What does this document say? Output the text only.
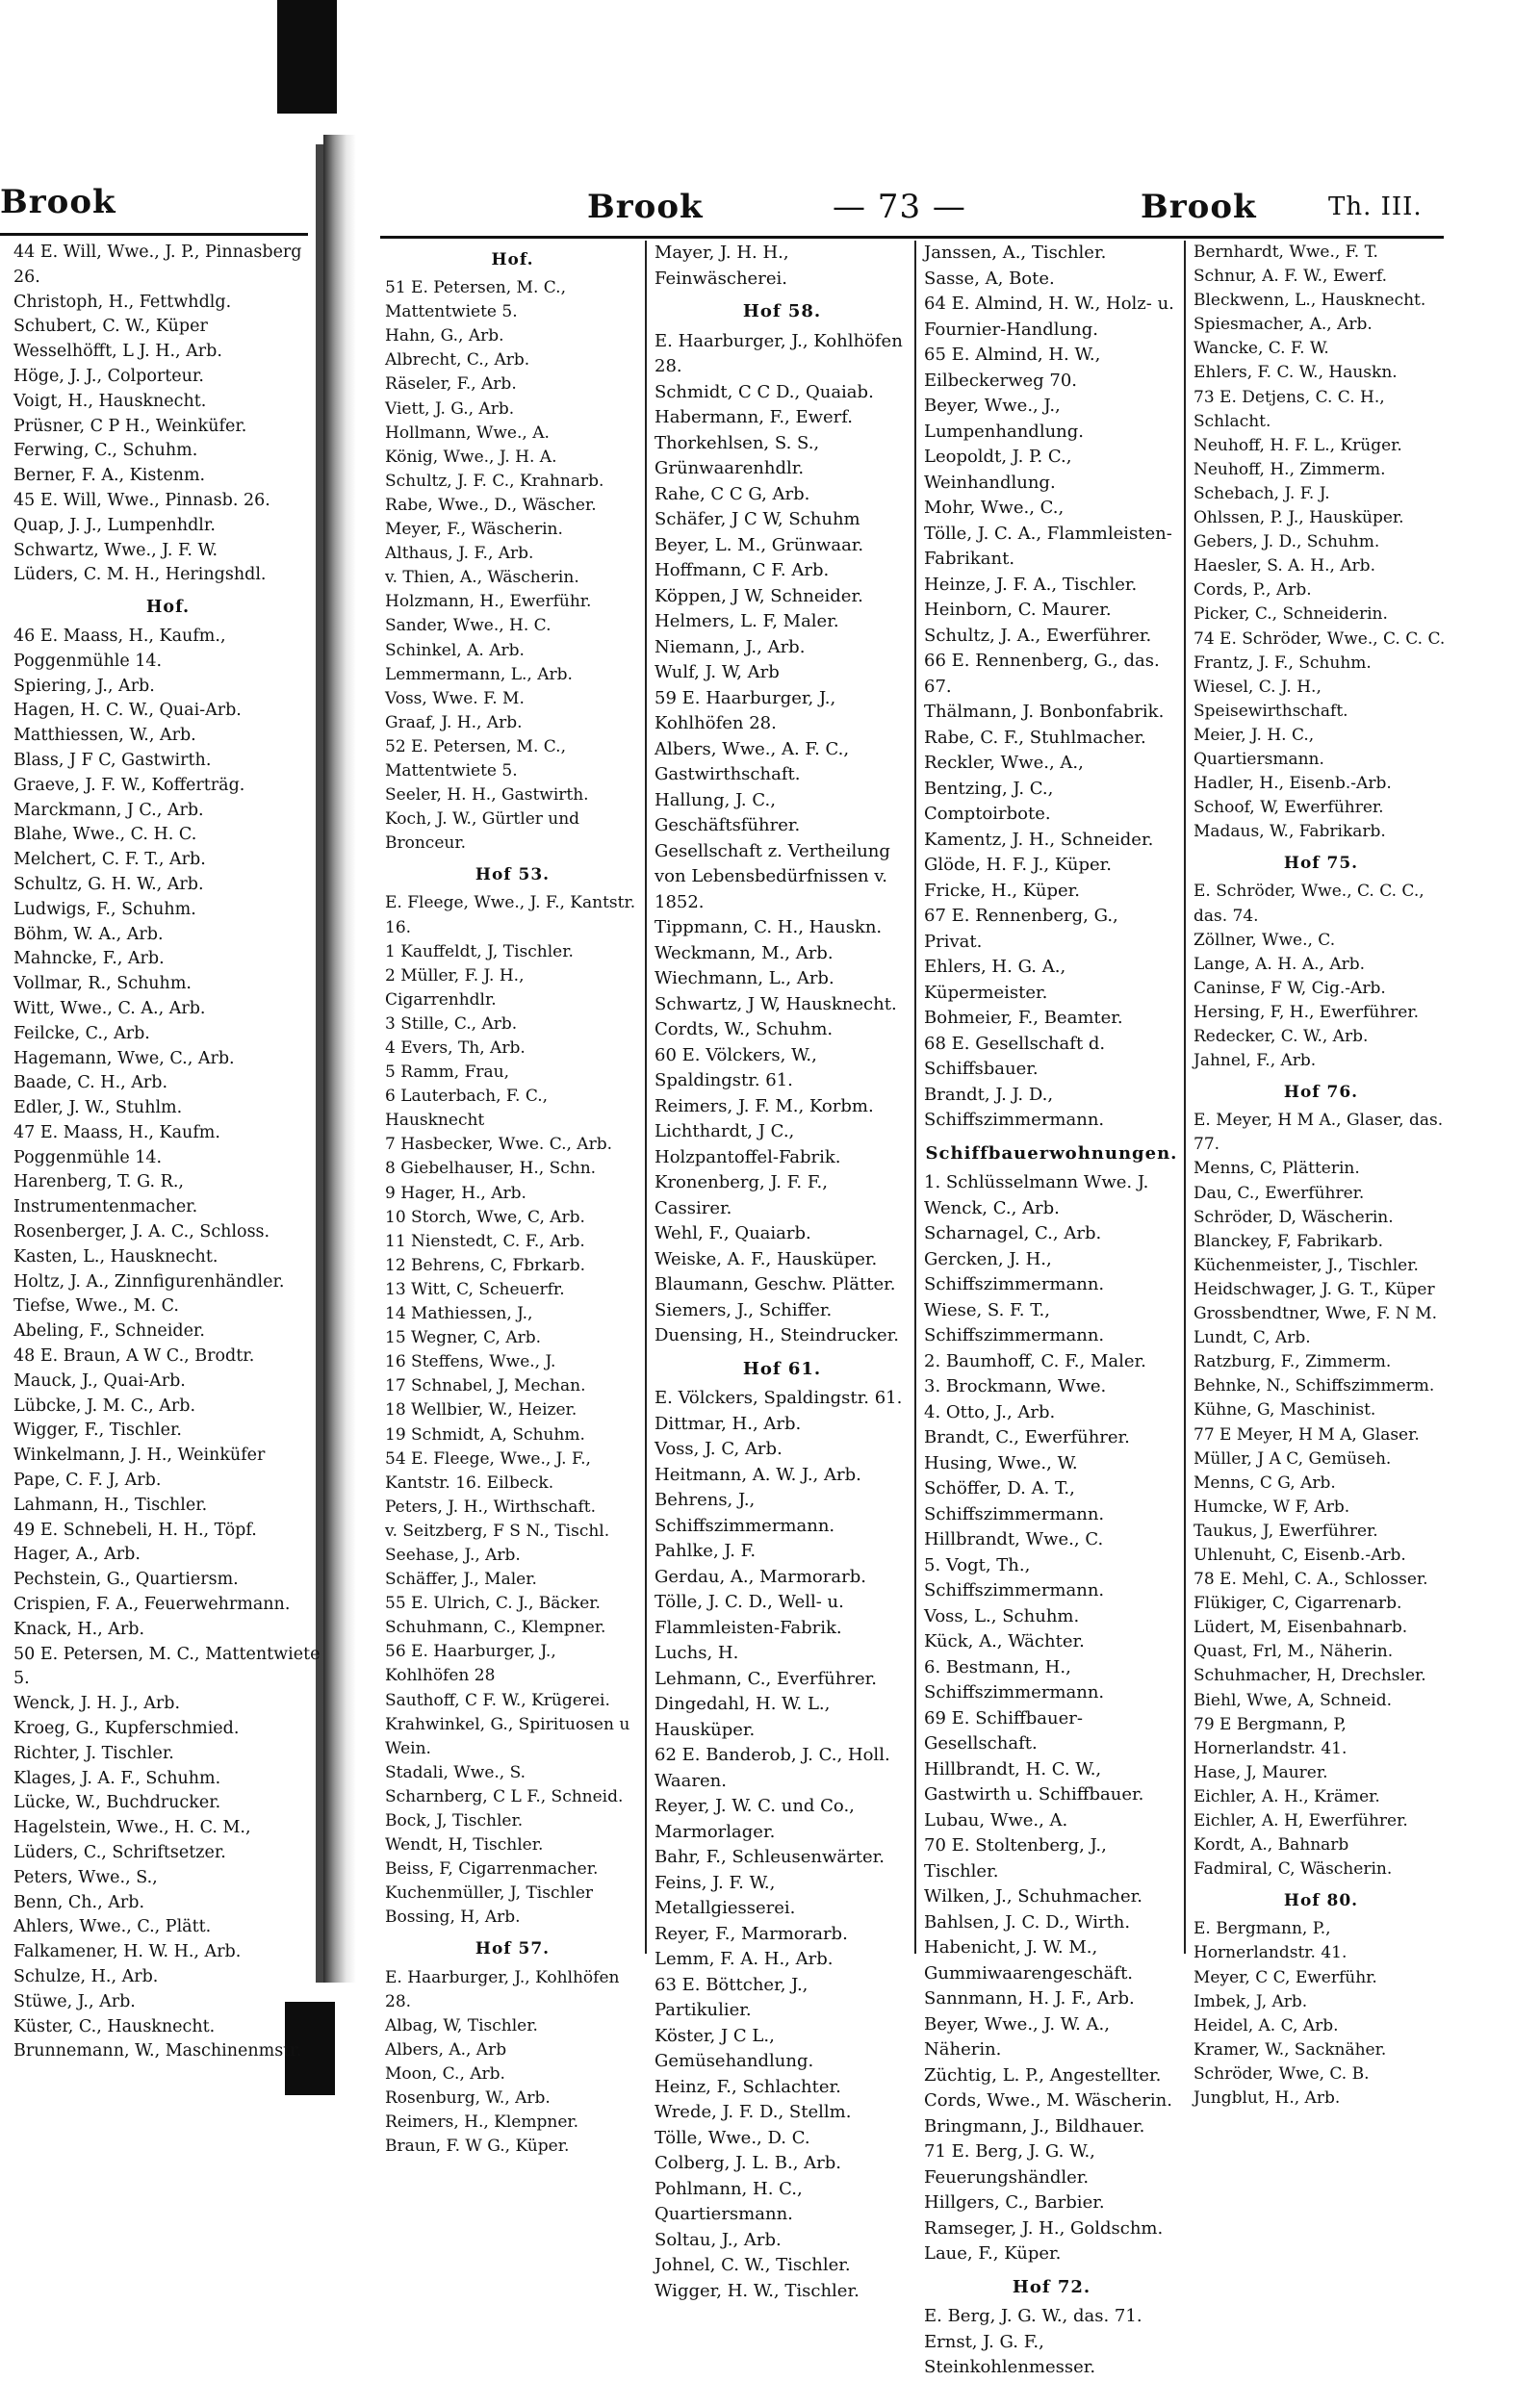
Brook
44 E. Will, Wwe., J. P., Pinnasberg 26.
Christoph, H., Fettwhdlg.
Schubert, C. W., Küper
Wesselhöfft, L J. H., Arb.
Höge, J. J., Colporteur.
Voigt, H., Hausknecht.
Prüsner, C P H., Weinküfer.
Ferwing, C., Schuhm.
Berner, F. A., Kistenm.
45 E. Will, Wwe., Pinnasb. 26.
Quap, J. J., Lumpenhdlr.
Schwartz, Wwe., J. F. W.
Lüders, C. M. H., Heringshdl.
Hof.
46 E. Maass, H., Kaufm., Poggenmühle 14.
Spiering, J., Arb.
Hagen, H. C. W., Quai-Arb.
Matthiessen, W., Arb.
Blass, J F C, Gastwirth.
Graeve, J. F. W., Kofferträg.
Marckmann, J C., Arb.
Blahe, Wwe., C. H. C.
Melchert, C. F. T., Arb.
Schultz, G. H. W., Arb.
Ludwigs, F., Schuhm.
Böhm, W. A., Arb.
Mahncke, F., Arb.
Vollmar, R., Schuhm.
Witt, Wwe., C. A., Arb.
Feilcke, C., Arb.
Hagemann, Wwe, C., Arb.
Baade, C. H., Arb.
Edler, J. W., Stuhlm.
47 E. Maass, H., Kaufm. Poggenmühle 14.
Harenberg, T. G. R., Instrumentenmacher.
Rosenberger, J. A. C., Schloss.
Kasten, L., Hausknecht.
Holtz, J. A., Zinnfigurenhändler.
Tiefse, Wwe., M. C.
Abeling, F., Schneider.
48 E. Braun, A W C., Brodtr.
Mauck, J., Quai-Arb.
Lübcke, J. M. C., Arb.
Wigger, F., Tischler.
Winkelmann, J. H., Weinküfer
Pape, C. F. J, Arb.
Lahmann, H., Tischler.
49 E. Schnebeli, H. H., Töpf.
Hager, A., Arb.
Pechstein, G., Quartiersm.
Crispien, F. A., Feuerwehrmann.
Knack, H., Arb.
50 E. Petersen, M. C., Mattentwiete 5.
Wenck, J. H. J., Arb.
Kroeg, G., Kupferschmied.
Richter, J. Tischler.
Klages, J. A. F., Schuhm.
Lücke, W., Buchdrucker.
Hagelstein, Wwe., H. C. M.,
Lüders, C., Schriftsetzer.
Peters, Wwe., S.,
Benn, Ch., Arb.
Ahlers, Wwe., C., Plätt.
Falkamener, H. W. H., Arb.
Schulze, H., Arb.
Stüwe, J., Arb.
Küster, C., Hausknecht.
Brunnemann, W., Maschinenmstr.
Brook	— 73 —	Brook	Th. III.
Hof.
51 E. Petersen, M. C., Mattentwiete 5.
Hahn, G., Arb.
Albrecht, C., Arb.
Räseler, F., Arb.
Viett, J. G., Arb.
Hollmann, Wwe., A.
König, Wwe., J. H. A.
Schultz, J. F. C., Krahnarb.
Rabe, Wwe., D., Wäscher.
Meyer, F., Wäscherin.
Althaus, J. F., Arb.
v. Thien, A., Wäscherin.
Holzmann, H., Ewerführ.
Sander, Wwe., H. C.
Schinkel, A. Arb.
Lemmermann, L., Arb.
Voss, Wwe. F. M.
Graaf, J. H., Arb.
52 E. Petersen, M. C., Mattentwiete 5.
Seeler, H. H., Gastwirth.
Koch, J. W., Gürtler und Bronceur.
Hof 53.
E. Fleege, Wwe., J. F., Kantstr. 16.
1 Kauffeldt, J, Tischler.
2 Müller, F. J. H., Cigarrenhdlr.
3 Stille, C., Arb.
4 Evers, Th, Arb.
5 Ramm, Frau,
6 Lauterbach, F. C., Hausknecht
7 Hasbecker, Wwe. C., Arb.
8 Giebelhauser, H., Schn.
9 Hager, H., Arb.
10 Storch, Wwe, C, Arb.
11 Nienstedt, C. F., Arb.
12 Behrens, C, Fbrkarb.
13 Witt, C, Scheuerfr.
14 Mathiessen, J.,
15 Wegner, C, Arb.
16 Steffens, Wwe., J.
17 Schnabel, J, Mechan.
18 Wellbier, W., Heizer.
19 Schmidt, A, Schuhm.
54 E. Fleege, Wwe., J. F., Kantstr. 16. Eilbeck.
Peters, J. H., Wirthschaft.
v. Seitzberg, F S N., Tischl.
Seehase, J., Arb.
Schäffer, J., Maler.
55 E. Ulrich, C. J., Bäcker.
Schuhmann, C., Klempner.
56 E. Haarburger, J., Kohlhöfen 28
Sauthoff, C F. W., Krügerei.
Krahwinkel, G., Spirituosen u Wein.
Stadali, Wwe., S.
Scharnberg, C L F., Schneid.
Bock, J, Tischler.
Wendt, H, Tischler.
Beiss, F, Cigarrenmacher.
Kuchenmüller, J, Tischler
Bossing, H, Arb.
Hof 57.
E. Haarburger, J., Kohlhöfen 28.
Albag, W, Tischler.
Albers, A., Arb
Moon, C., Arb.
Rosenburg, W., Arb.
Reimers, H., Klempner.
Braun, F. W G., Küper.
Mayer, J. H. H., Feinwäscherei.
Hof 58.
E. Haarburger, J., Kohlhöfen 28.
Schmidt, C C D., Quaiab.
Habermann, F., Ewerf.
Thorkehlsen, S. S., Grünwaarenhdlr.
Rahe, C C G, Arb.
Schäfer, J C W, Schuhm
Beyer, L. M., Grünwaar.
Hoffmann, C F. Arb.
Köppen, J W, Schneider.
Helmers, L. F, Maler.
Niemann, J., Arb.
Wulf, J. W, Arb
59 E. Haarburger, J., Kohlhöfen 28.
Albers, Wwe., A. F. C., Gastwirthschaft.
Hallung, J. C., Geschäftsführer.
Gesellschaft z. Vertheilung von Lebensbedürfnissen v. 1852.
Tippmann, C. H., Hauskn.
Weckmann, M., Arb.
Wiechmann, L., Arb.
Schwartz, J W, Hausknecht.
Cordts, W., Schuhm.
60 E. Völckers, W., Spaldingstr. 61.
Reimers, J. F. M., Korbm.
Lichthardt, J C., Holzpantoffel-Fabrik.
Kronenberg, J. F. F., Cassirer.
Wehl, F., Quaiarb.
Weiske, A. F., Hausküper.
Blaumann, Geschw. Plätter.
Siemers, J., Schiffer.
Duensing, H., Steindrucker.
Hof 61.
E. Völckers, Spaldingstr. 61.
Dittmar, H., Arb.
Voss, J. C, Arb.
Heitmann, A. W. J., Arb.
Behrens, J., Schiffszimmermann.
Pahlke, J. F.
Gerdau, A., Marmorarb.
Tölle, J. C. D., Well- u. Flammleisten-Fabrik.
Luchs, H.
Lehmann, C., Everführer.
Dingedahl, H. W. L., Hausküper.
62 E. Banderob, J. C., Holl. Waaren.
Reyer, J. W. C. und Co., Marmorlager.
Bahr, F., Schleusenwärter.
Feins, J. F. W., Metallgiesserei.
Reyer, F., Marmorarb.
Lemm, F. A. H., Arb.
63 E. Böttcher, J., Partikulier.
Köster, J C L., Gemüsehandlung.
Heinz, F., Schlachter.
Wrede, J. F. D., Stellm.
Tölle, Wwe., D. C.
Colberg, J. L. B., Arb.
Pohlmann, H. C., Quartiersmann.
Soltau, J., Arb.
Johnel, C. W., Tischler.
Wigger, H. W., Tischler.
Janssen, A., Tischler.
Sasse, A, Bote.
64 E. Almind, H. W., Holz- u. Fournier-Handlung.
65 E. Almind, H. W., Eilbeckerweg 70.
Beyer, Wwe., J., Lumpenhandlung.
Leopoldt, J. P. C., Weinhandlung.
Mohr, Wwe., C.,
Tölle, J. C. A., Flammleisten-Fabrikant.
Heinze, J. F. A., Tischler.
Heinborn, C. Maurer.
Schultz, J. A., Ewerführer.
66 E. Rennenberg, G., das. 67.
Thälmann, J. Bonbonfabrik.
Rabe, C. F., Stuhlmacher.
Reckler, Wwe., A.,
Bentzing, J. C., Comptoirbote.
Kamentz, J. H., Schneider.
Glöde, H. F. J., Küper.
Fricke, H., Küper.
67 E. Rennenberg, G., Privat.
Ehlers, H. G. A., Küpermeister.
Bohmeier, F., Beamter.
68 E. Gesellschaft d. Schiffsbauer.
Brandt, J. J. D., Schiffszimmermann.
Schiffbauerwohnungen.
1. Schlüsselmann Wwe. J.
Wenck, C., Arb.
Scharnagel, C., Arb.
Gercken, J. H., Schiffszimmermann.
Wiese, S. F. T., Schiffszimmermann.
2. Baumhoff, C. F., Maler.
3. Brockmann, Wwe.
4. Otto, J., Arb.
Brandt, C., Ewerführer.
Husing, Wwe., W.
Schöffer, D. A. T., Schiffszimmermann.
Hillbrandt, Wwe., C.
5. Vogt, Th., Schiffszimmermann.
Voss, L., Schuhm.
Kück, A., Wächter.
6. Bestmann, H., Schiffszimmermann.
69 E. Schiffbauer-Gesellschaft.
Hillbrandt, H. C. W., Gastwirth u. Schiffbauer.
Lubau, Wwe., A.
70 E. Stoltenberg, J., Tischler.
Wilken, J., Schuhmacher.
Bahlsen, J. C. D., Wirth.
Habenicht, J. W. M., Gummiwaarengeschäft.
Sannmann, H. J. F., Arb.
Beyer, Wwe., J. W. A., Näherin.
Züchtig, L. P., Angestellter.
Cords, Wwe., M. Wäscherin.
Bringmann, J., Bildhauer.
71 E. Berg, J. G. W., Feuerungshändler.
Hillgers, C., Barbier.
Ramseger, J. H., Goldschm.
Laue, F., Küper.
Hof 72.
E. Berg, J. G. W., das. 71.
Ernst, J. G. F., Steinkohlenmesser.
Bernhardt, Wwe., F. T.
Schnur, A. F. W., Ewerf.
Bleckwenn, L., Hausknecht.
Spiesmacher, A., Arb.
Wancke, C. F. W.
Ehlers, F. C. W., Hauskn.
73 E. Detjens, C. C. H., Schlacht.
Neuhoff, H. F. L., Krüger.
Neuhoff, H., Zimmerm.
Schebach, J. F. J.
Ohlssen, P. J., Hausküper.
Gebers, J. D., Schuhm.
Haesler, S. A. H., Arb.
Cords, P., Arb.
Picker, C., Schneiderin.
74 E. Schröder, Wwe., C. C. C.
Frantz, J. F., Schuhm.
Wiesel, C. J. H., Speisewirthschaft.
Meier, J. H. C., Quartiersmann.
Hadler, H., Eisenb.-Arb.
Schoof, W, Ewerführer.
Madaus, W., Fabrikarb.
Hof 75.
E. Schröder, Wwe., C. C. C., das. 74.
Zöllner, Wwe., C.
Lange, A. H. A., Arb.
Caninse, F W, Cig.-Arb.
Hersing, F, H., Ewerführer.
Redecker, C. W., Arb.
Jahnel, F., Arb.
Hof 76.
E. Meyer, H M A., Glaser, das. 77.
Menns, C, Plätterin.
Dau, C., Ewerführer.
Schröder, D, Wäscherin.
Blanckey, F, Fabrikarb.
Küchenmeister, J., Tischler.
Heidschwager, J. G. T., Küper
Grossbendtner, Wwe, F. N M.
Lundt, C, Arb.
Ratzburg, F., Zimmerm.
Behnke, N., Schiffszimmerm.
Kühne, G, Maschinist.
77 E Meyer, H M A, Glaser.
Müller, J A C, Gemüseh.
Menns, C G, Arb.
Humcke, W F, Arb.
Taukus, J, Ewerführer.
Uhlenuht, C, Eisenb.-Arb.
78 E. Mehl, C. A., Schlosser.
Flükiger, C, Cigarrenarb.
Lüdert, M, Eisenbahnarb.
Quast, Frl, M., Näherin.
Schuhmacher, H, Drechsler.
Biehl, Wwe, A, Schneid.
79 E Bergmann, P, Hornerlandstr. 41.
Hase, J, Maurer.
Eichler, A. H., Krämer.
Eichler, A. H, Ewerführer.
Kordt, A., Bahnarb
Fadmiral, C, Wäscherin.
Hof 80.
E. Bergmann, P., Hornerlandstr. 41.
Meyer, C C, Ewerführ.
Imbek, J, Arb.
Heidel, A. C, Arb.
Kramer, W., Sacknäher.
Schröder, Wwe, C. B.
Jungblut, H., Arb.
